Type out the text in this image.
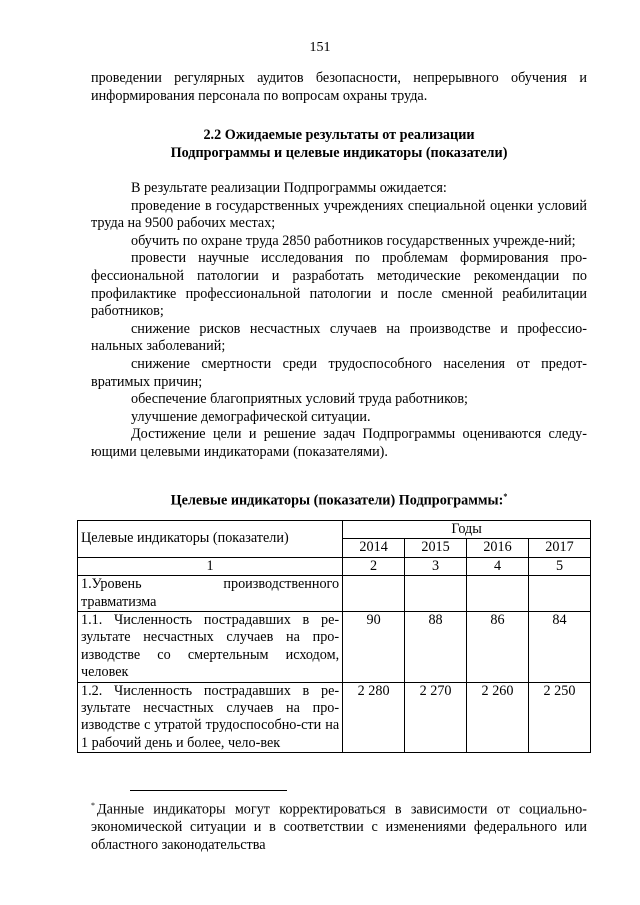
151

проведении регулярных аудитов безопасности, непрерывного обучения и

информирования персонала по вопросам охраны труда.

2.2 Ожидаемые результаты от реализации
Подпрограммы и целевые индикаторы (показатели)

В результате реализации Подпрограммы ожидается:

проведение в государственных учреждениях специальной оценки условий труда на 9500 рабочих местах;

обучить по охране труда 2850 работников государственных учрежде-ний;

провести научные исследования по проблемам формирования про-фессиональной патологии и разработать методические рекомендации по профилактике профессиональной патологии и после сменной реабилитации работников;

снижение рисков несчастных случаев на производстве и профессио-нальных заболеваний;

снижение смертности среди трудоспособного населения от предот-вратимых причин;

обеспечение благоприятных условий труда работников;

улучшение демографической ситуации.

Достижение цели и решение задач Подпрограммы оцениваются следу-ющими целевыми индикаторами (показателями).

Целевые индикаторы (показатели) Подпрограммы:*
Целевые индикаторы (показатели)	Годы			
	2014	2015	2016	2017
1	2	3	4	5
1.Уровень производственного травматизма				
1.1. Численность пострадавших в ре-зультате несчастных случаев на про-изводстве со смертельным исходом, человек	90	88	86	84
1.2. Численность пострадавших в ре-зультате несчастных случаев на про-изводстве с утратой трудоспособно-сти на 1 рабочий день и более, чело-век	2 280	2 270	2 260	2 250
* Данные индикаторы могут корректироваться в зависимости от социально-экономической ситуации и в соответствии с изменениями федерального или областного законодательства
